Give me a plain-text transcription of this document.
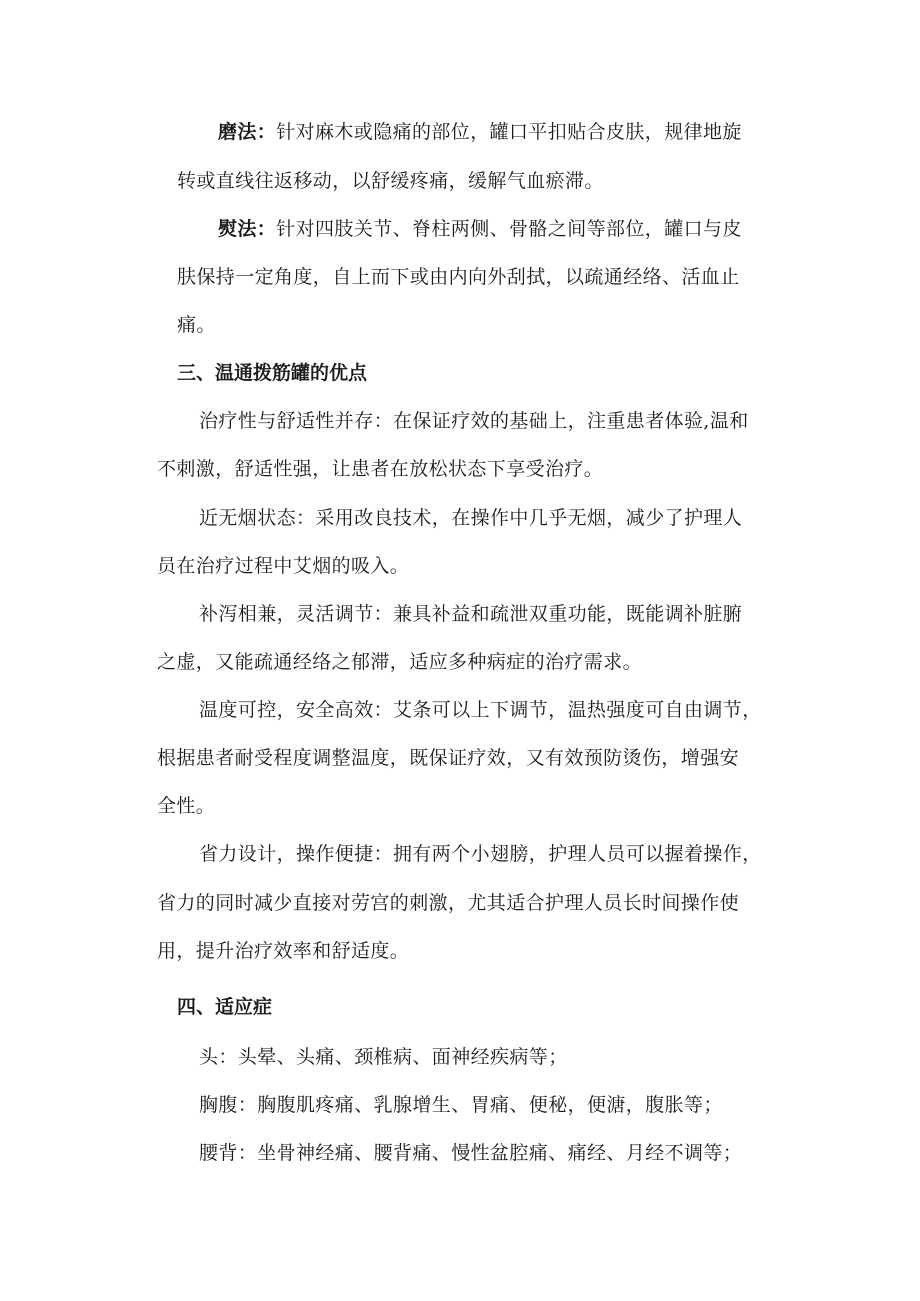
磨法：针对麻木或隐痛的部位，罐口平扣贴合皮肤，规律地旋

转或直线往返移动，以舒缓疼痛，缓解气血瘀滞。

熨法：针对四肢关节、脊柱两侧、骨骼之间等部位，罐口与皮

肤保持一定角度，自上而下或由内向外刮拭，以疏通经络、活血止

痛。

三、温通拨筋罐的优点

治疗性与舒适性并存：在保证疗效的基础上，注重患者体验,温和

不刺激，舒适性强，让患者在放松状态下享受治疗。

近无烟状态：采用改良技术，在操作中几乎无烟，减少了护理人

员在治疗过程中艾烟的吸入。

补泻相兼，灵活调节：兼具补益和疏泄双重功能，既能调补脏腑

之虚，又能疏通经络之郁滞，适应多种病症的治疗需求。

温度可控，安全高效：艾条可以上下调节，温热强度可自由调节，

根据患者耐受程度调整温度，既保证疗效，又有效预防烫伤，增强安

全性。

省力设计，操作便捷：拥有两个小翅膀，护理人员可以握着操作，

省力的同时减少直接对劳宫的刺激，尤其适合护理人员长时间操作使

用，提升治疗效率和舒适度。

四、适应症

头：头晕、头痛、颈椎病、面神经疾病等；

胸腹：胸腹肌疼痛、乳腺增生、胃痛、便秘，便溏，腹胀等；

腰背：坐骨神经痛、腰背痛、慢性盆腔痛、痛经、月经不调等；
